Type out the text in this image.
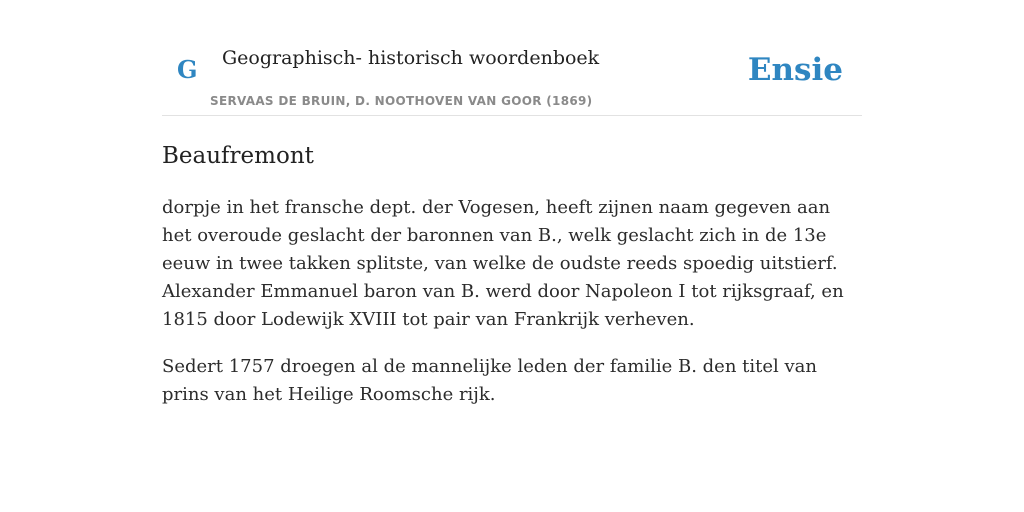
G Geographisch- historisch woordenboek
SERVAAS DE BRUIN, D. NOOTHOVEN VAN GOOR (1869)
Ensie
Beaufremont

dorpje in het fransche dept. der Vogesen, heeft zijnen naam gegeven aan het overoude geslacht der baronnen van B., welk geslacht zich in de 13e eeuw in twee takken splitste, van welke de oudste reeds spoedig uitstierf. Alexander Emmanuel baron van B. werd door Napoleon I tot rijksgraaf, en 1815 door Lodewijk XVIII tot pair van Frankrijk verheven.

Sedert 1757 droegen al de mannelijke leden der familie B. den titel van prins van het Heilige Roomsche rijk.
